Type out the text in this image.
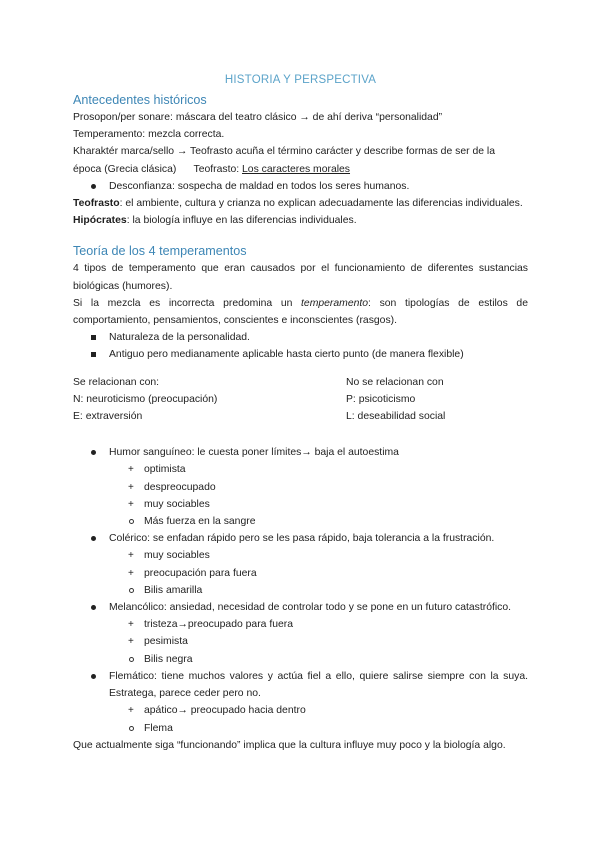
HISTORIA Y PERSPECTIVA

Antecedentes históricos

Prosopon/per sonare: máscara del teatro clásico → de ahí deriva “personalidad”

Temperamento: mezcla correcta.

Kharaktér marca/sello → Teofrasto acuña el término carácter y describe formas de ser de la

época (Grecia clásica)      Teofrasto: Los caracteres morales

Desconfianza: sospecha de maldad en todos los seres humanos.

Teofrasto: el ambiente, cultura y crianza no explican adecuadamente las diferencias individuales.

Hipócrates: la biología influye en las diferencias individuales.

Teoría de los 4 temperamentos

4 tipos de temperamento que eran causados por el funcionamiento de diferentes sustancias biológicas (humores).

Si la mezcla es incorrecta predomina un temperamento: son tipologías de estilos de comportamiento, pensamientos, conscientes e inconscientes (rasgos).

Naturaleza de la personalidad.
Antiguo pero medianamente aplicable hasta cierto punto (de manera flexible)

Se relacionan con:

N: neuroticismo (preocupación)

E: extraversión

No se relacionan con

P: psicoticismo

L: deseabilidad social

Humor sanguíneo: le cuesta poner límites→ baja el autoestima
+ optimista
+ despreocupado
+ muy sociables
Más fuerza en la sangre
Colérico: se enfadan rápido pero se les pasa rápido, baja tolerancia a la frustración.
+ muy sociables
+ preocupación para fuera
Bilis amarilla
Melancólico: ansiedad, necesidad de controlar todo y se pone en un futuro catastrófico.
+ tristeza→preocupado para fuera
+ pesimista
Bilis negra
Flemático: tiene muchos valores y actúa fiel a ello, quiere salirse siempre con la suya. Estratega, parece ceder pero no.
+ apático→ preocupado hacia dentro
Flema

Que actualmente siga “funcionando” implica que la cultura influye muy poco y la biología algo.
